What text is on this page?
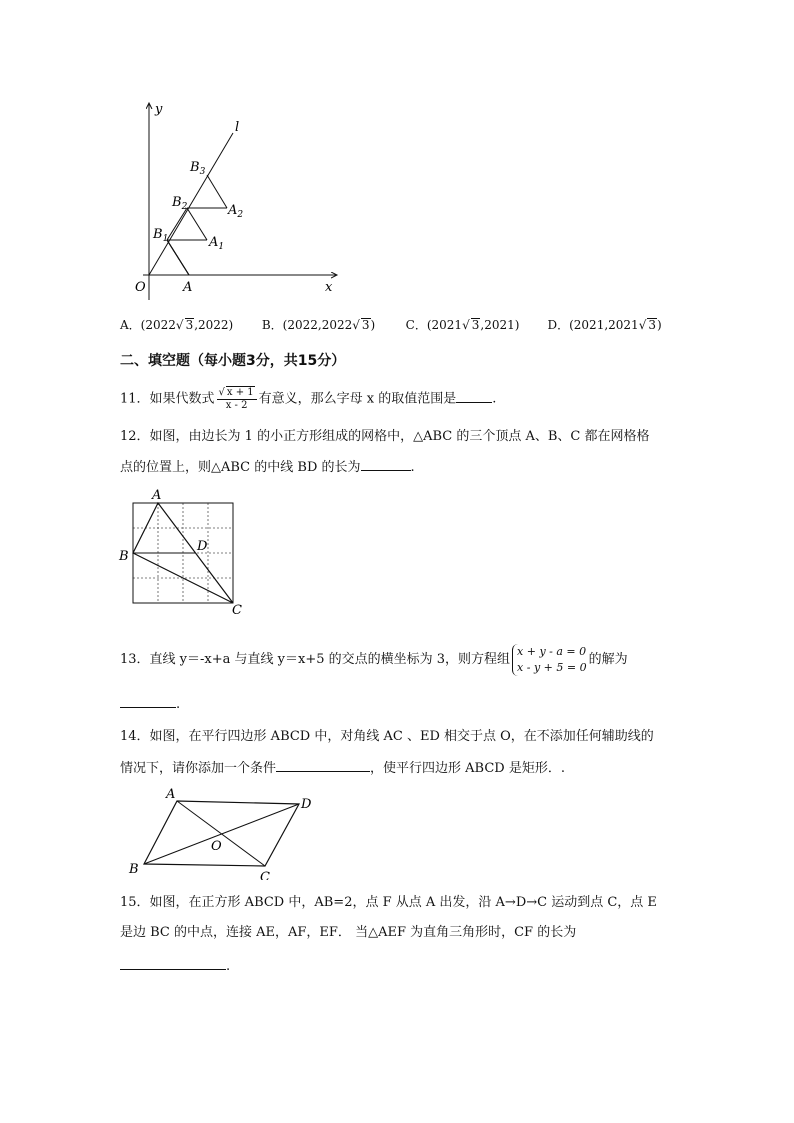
y
l
O	A	x
$B_1$	$A_1$
$B_2$	$A_2$
$B_3$
A．(2022√ 3,2022) B．(2022,2022√ 3)	C．(2021√ 3,2021) D．(2021,2021√ 3)
二、填空题（每小题3分，共15分）
11．如果代数式 $\frac{√ x + 1}{x - 2}$ 有意义，那么字母 x 的取值范围是	.
12．如图，由边长为 1 的小正方形组成的网格中，△ABC 的三个顶点 A、B、C 都在网格格
点的位置上，则△ABC 的中线 BD 的长为	.
A
B
C
D
13．直线 y＝-x+a 与直线 y＝x+5 的交点的横坐标为 3，则方程组
x + y - a = 0
x - y + 5 = 0 的解为
.
14．如图，在平行四边形 ABCD 中，对角线 AC 、ED 相交于点 O，在不添加任何辅助线的
情况下，请你添加一个条件	，使平行四边形 ABCD 是矩形．.
A
D
B
C
O
15．如图，在正方形 ABCD 中，AB=2，点 F 从点 A 出发，沿 A→D→C 运动到点 C，点 E
是边 BC 的中点，连接 AE，AF，EF． 当△AEF 为直角三角形时，CF 的长为
.
